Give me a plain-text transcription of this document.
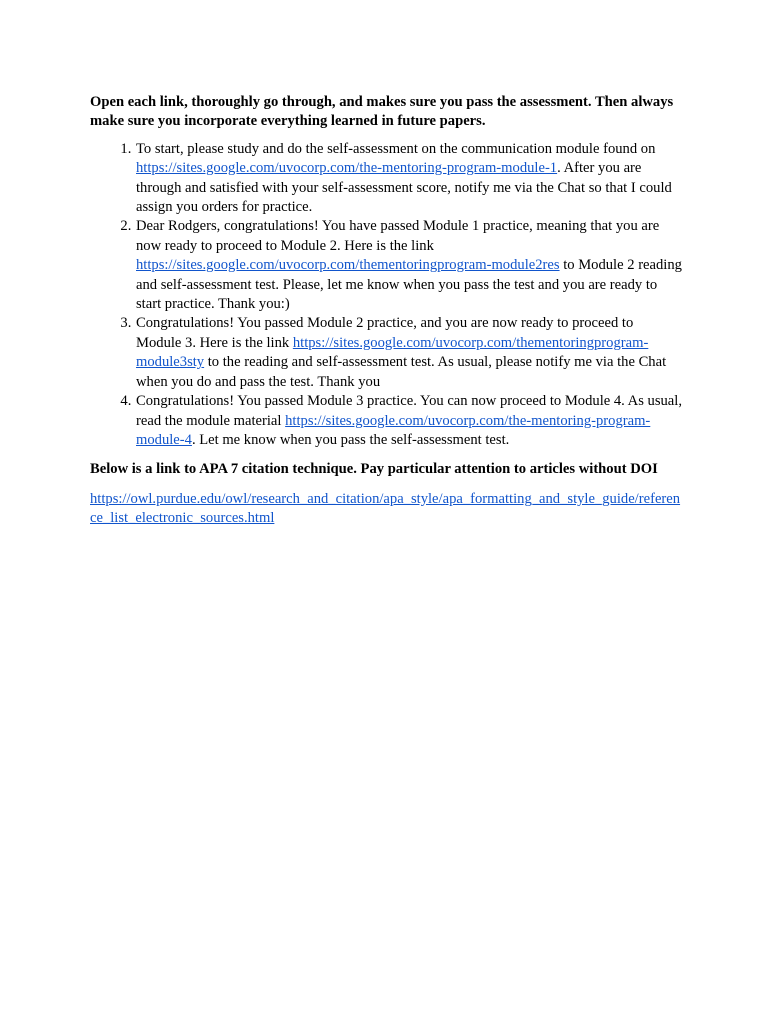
Open each link, thoroughly go through, and makes sure you pass the assessment. Then always make sure you incorporate everything learned in future papers.

1. To start, please study and do the self-assessment on the communication module found on https://sites.google.com/uvocorp.com/the-mentoring-program-module-1. After you are through and satisfied with your self-assessment score, notify me via the Chat so that I could assign you orders for practice.
2. Dear Rodgers, congratulations! You have passed Module 1 practice, meaning that you are now ready to proceed to Module 2. Here is the link https://sites.google.com/uvocorp.com/thementoringprogram-module2res to Module 2 reading and self-assessment test. Please, let me know when you pass the test and you are ready to start practice. Thank you:)
3. Congratulations! You passed Module 2 practice, and you are now ready to proceed to Module 3. Here is the link https://sites.google.com/uvocorp.com/thementoringprogram-module3sty to the reading and self-assessment test. As usual, please notify me via the Chat when you do and pass the test. Thank you
4. Congratulations! You passed Module 3 practice. You can now proceed to Module 4. As usual, read the module material https://sites.google.com/uvocorp.com/the-mentoring-program-module-4. Let me know when you pass the self-assessment test.

Below is a link to APA 7 citation technique. Pay particular attention to articles without DOI

https://owl.purdue.edu/owl/research_and_citation/apa_style/apa_formatting_and_style_guide/reference_list_electronic_sources.html
